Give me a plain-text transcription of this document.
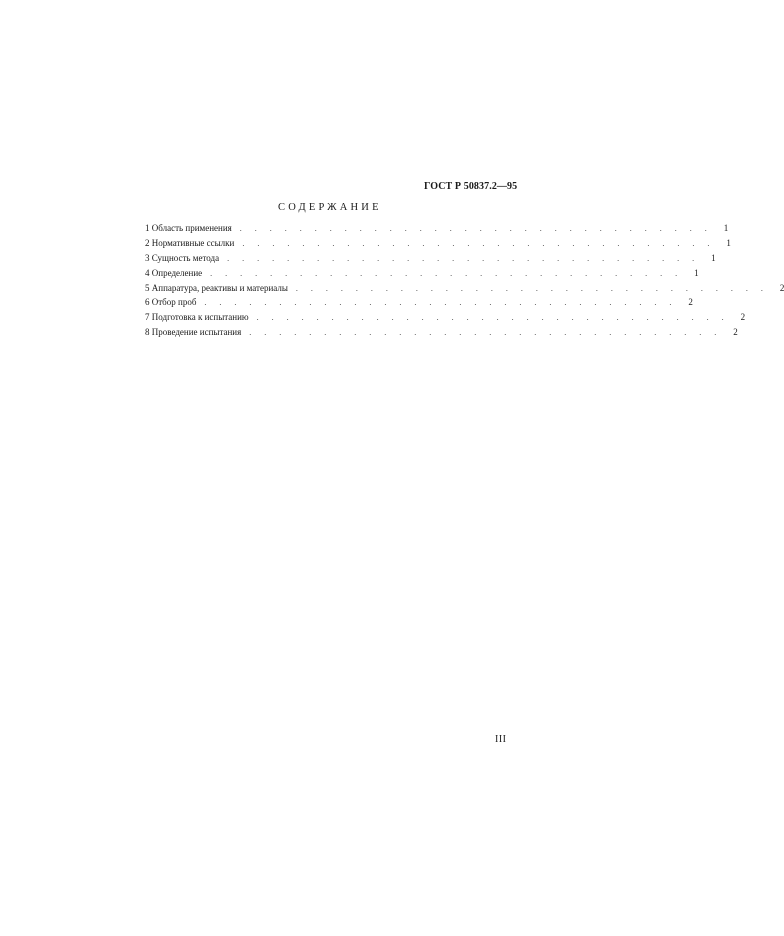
ГОСТ Р 50837.2—95
СОДЕРЖАНИЕ
1 Область применения ................................ 1
2 Нормативные ссылки ................................ 1
3 Сущность метода ................................ 1
4 Определение ................................ 1
5 Аппаратура, реактивы и материалы ................................ 2
6 Отбор проб ................................ 2
7 Подготовка к испытанию ................................ 2
8 Проведение испытания ................................ 2
III
